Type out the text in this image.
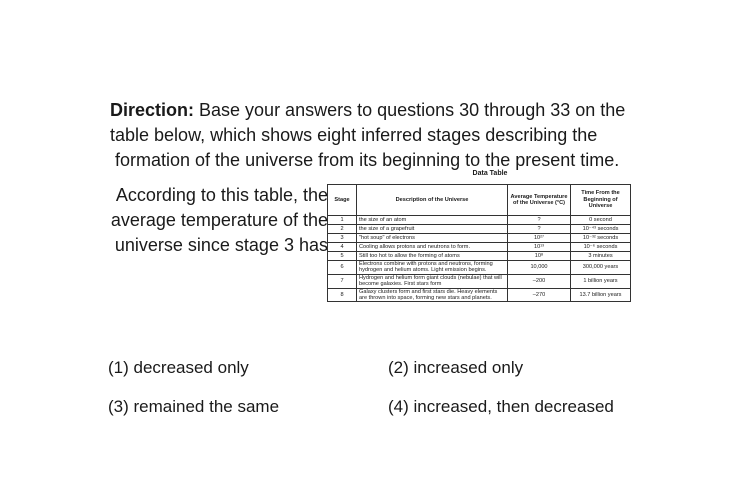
Direction: Base your answers to questions 30 through 33 on the
table below, which shows eight inferred stages describing the
formation of the universe from its beginning to the present time.
According to this table, the
average temperature of the
universe since stage 3 has
Data Table
Stage	Description of the Universe	Average Temperature of the Universe (°C)	Time From the Beginning of Universe
1	the size of an atom	?	0 second
2	the size of a grapefruit	?	10⁻⁴³ seconds
3	"hot soup" of electrons	10²⁷	10⁻³² seconds
4	Cooling allows protons and neutrons to form.	10¹³	10⁻⁶ seconds
5	Still too hot to allow the forming of atoms	10⁸	3 minutes
6	Electrons combine with protons and neutrons, forming hydrogen and helium atoms. Light emission begins.	10,000	300,000 years
7	Hydrogen and helium form giant clouds (nebulae) that will become galaxies. First stars form	–200	1 billion years
8	Galaxy clusters form and first stars die. Heavy elements are thrown into space, forming new stars and planets.	–270	13.7 billion years
(1) decreased only	(2) increased only
(3) remained the same	(4) increased, then decreased
